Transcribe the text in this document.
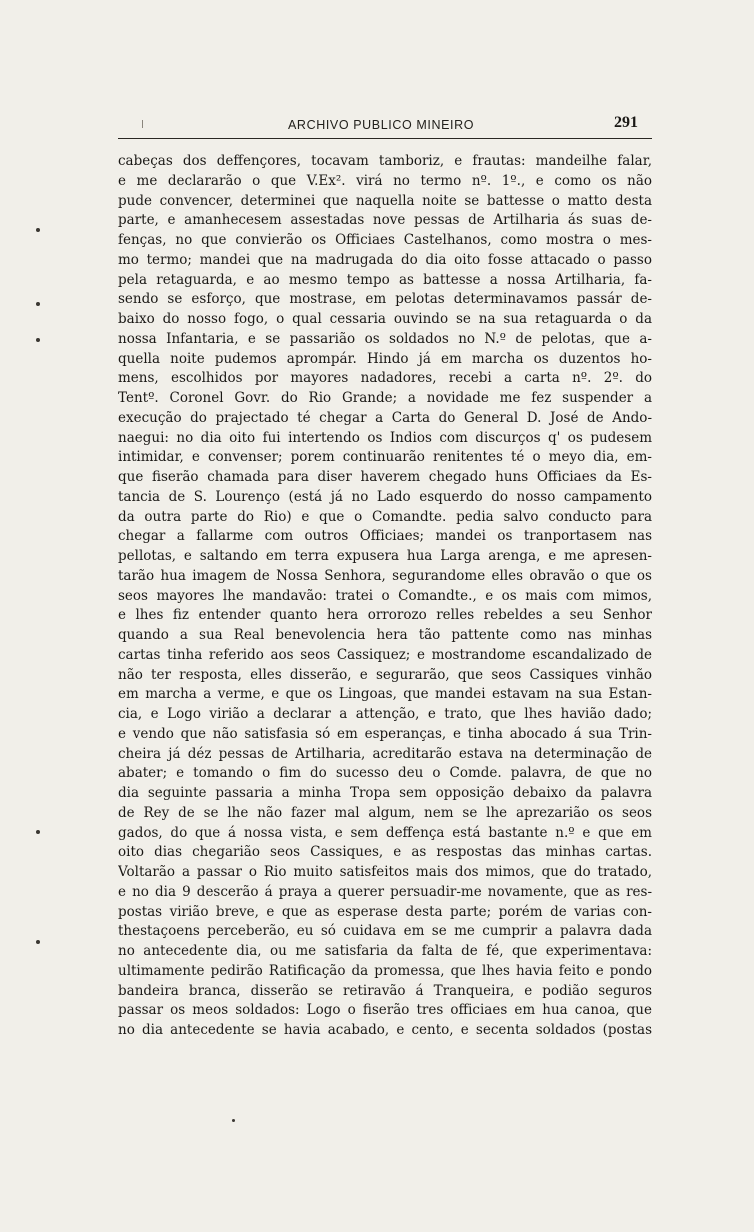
ARCHIVO PUBLICO MINEIRO	291
cabeças dos deffençores, tocavam tamboriz, e frautas: mandeilhe falar,
e me declararão o que V.Ex². virá no termo nº. 1º., e como os não
pude convencer, determinei que naquella noite se battesse o matto desta
parte, e amanhecesem assestadas nove pessas de Artilharia ás suas de-
fenças, no que convierão os Officiaes Castelhanos, como mostra o mes-
mo termo; mandei que na madrugada do dia oito fosse attacado o passo
pela retaguarda, e ao mesmo tempo as battesse a nossa Artilharia, fa-
sendo se esforço, que mostrase, em pelotas determinavamos passár de-
baixo do nosso fogo, o qual cessaria ouvindo se na sua retaguarda o da
nossa Infantaria, e se passarião os soldados no N.º de pelotas, que a-
quella noite pudemos aprompár. Hindo já em marcha os duzentos ho-
mens, escolhidos por mayores nadadores, recebi a carta nº. 2º. do
Tentº. Coronel Govr. do Rio Grande; a novidade me fez suspender a
execução do prajectado té chegar a Carta do General D. José de Ando-
naegui: no dia oito fui intertendo os Indios com discurços q' os pudesem
intimidar, e convenser; porem continuarão renitentes té o meyo dia, em-
que fiserão chamada para diser haverem chegado huns Officiaes da Es-
tancia de S. Lourenço (está já no Lado esquerdo do nosso campamento
da outra parte do Rio) e que o Comandte. pedia salvo conducto para
chegar a fallarme com outros Officiaes; mandei os tranportasem nas
pellotas, e saltando em terra expusera hua Larga arenga, e me apresen-
tarão hua imagem de Nossa Senhora, segurandome elles obravão o que os
seos mayores lhe mandavão: tratei o Comandte., e os mais com mimos,
e lhes fiz entender quanto hera orrorozo relles rebeldes a seu Senhor
quando a sua Real benevolencia hera tão pattente como nas minhas
cartas tinha referido aos seos Cassiquez; e mostrandome escandalizado de
não ter resposta, elles disserão, e segurarão, que seos Cassiques vinhão
em marcha a verme, e que os Lingoas, que mandei estavam na sua Estan-
cia, e Logo virião a declarar a attenção, e trato, que lhes havião dado;
e vendo que não satisfasia só em esperanças, e tinha abocado á sua Trin-
cheira já déz pessas de Artilharia, acreditarão estava na determinação de
abater; e tomando o fim do sucesso deu o Comde. palavra, de que no
dia seguinte passaria a minha Tropa sem opposição debaixo da palavra
de Rey de se lhe não fazer mal algum, nem se lhe aprezarião os seos
gados, do que á nossa vista, e sem deffença está bastante n.º e que em
oito dias chegarião seos Cassiques, e as respostas das minhas cartas.
Voltarão a passar o Rio muito satisfeitos mais dos mimos, que do tratado,
e no dia 9 descerão á praya a querer persuadir-me novamente, que as res-
postas virião breve, e que as esperase desta parte; porém de varias con-
thestaçoens perceberão, eu só cuidava em se me cumprir a palavra dada
no antecedente dia, ou me satisfaria da falta de fé, que experimentava:
ultimamente pedirão Ratificação da promessa, que lhes havia feito e pondo
bandeira branca, disserão se retiravão á Tranqueira, e podião seguros
passar os meos soldados: Logo o fiserão tres officiaes em hua canoa, que
no dia antecedente se havia acabado, e cento, e secenta soldados (postas
